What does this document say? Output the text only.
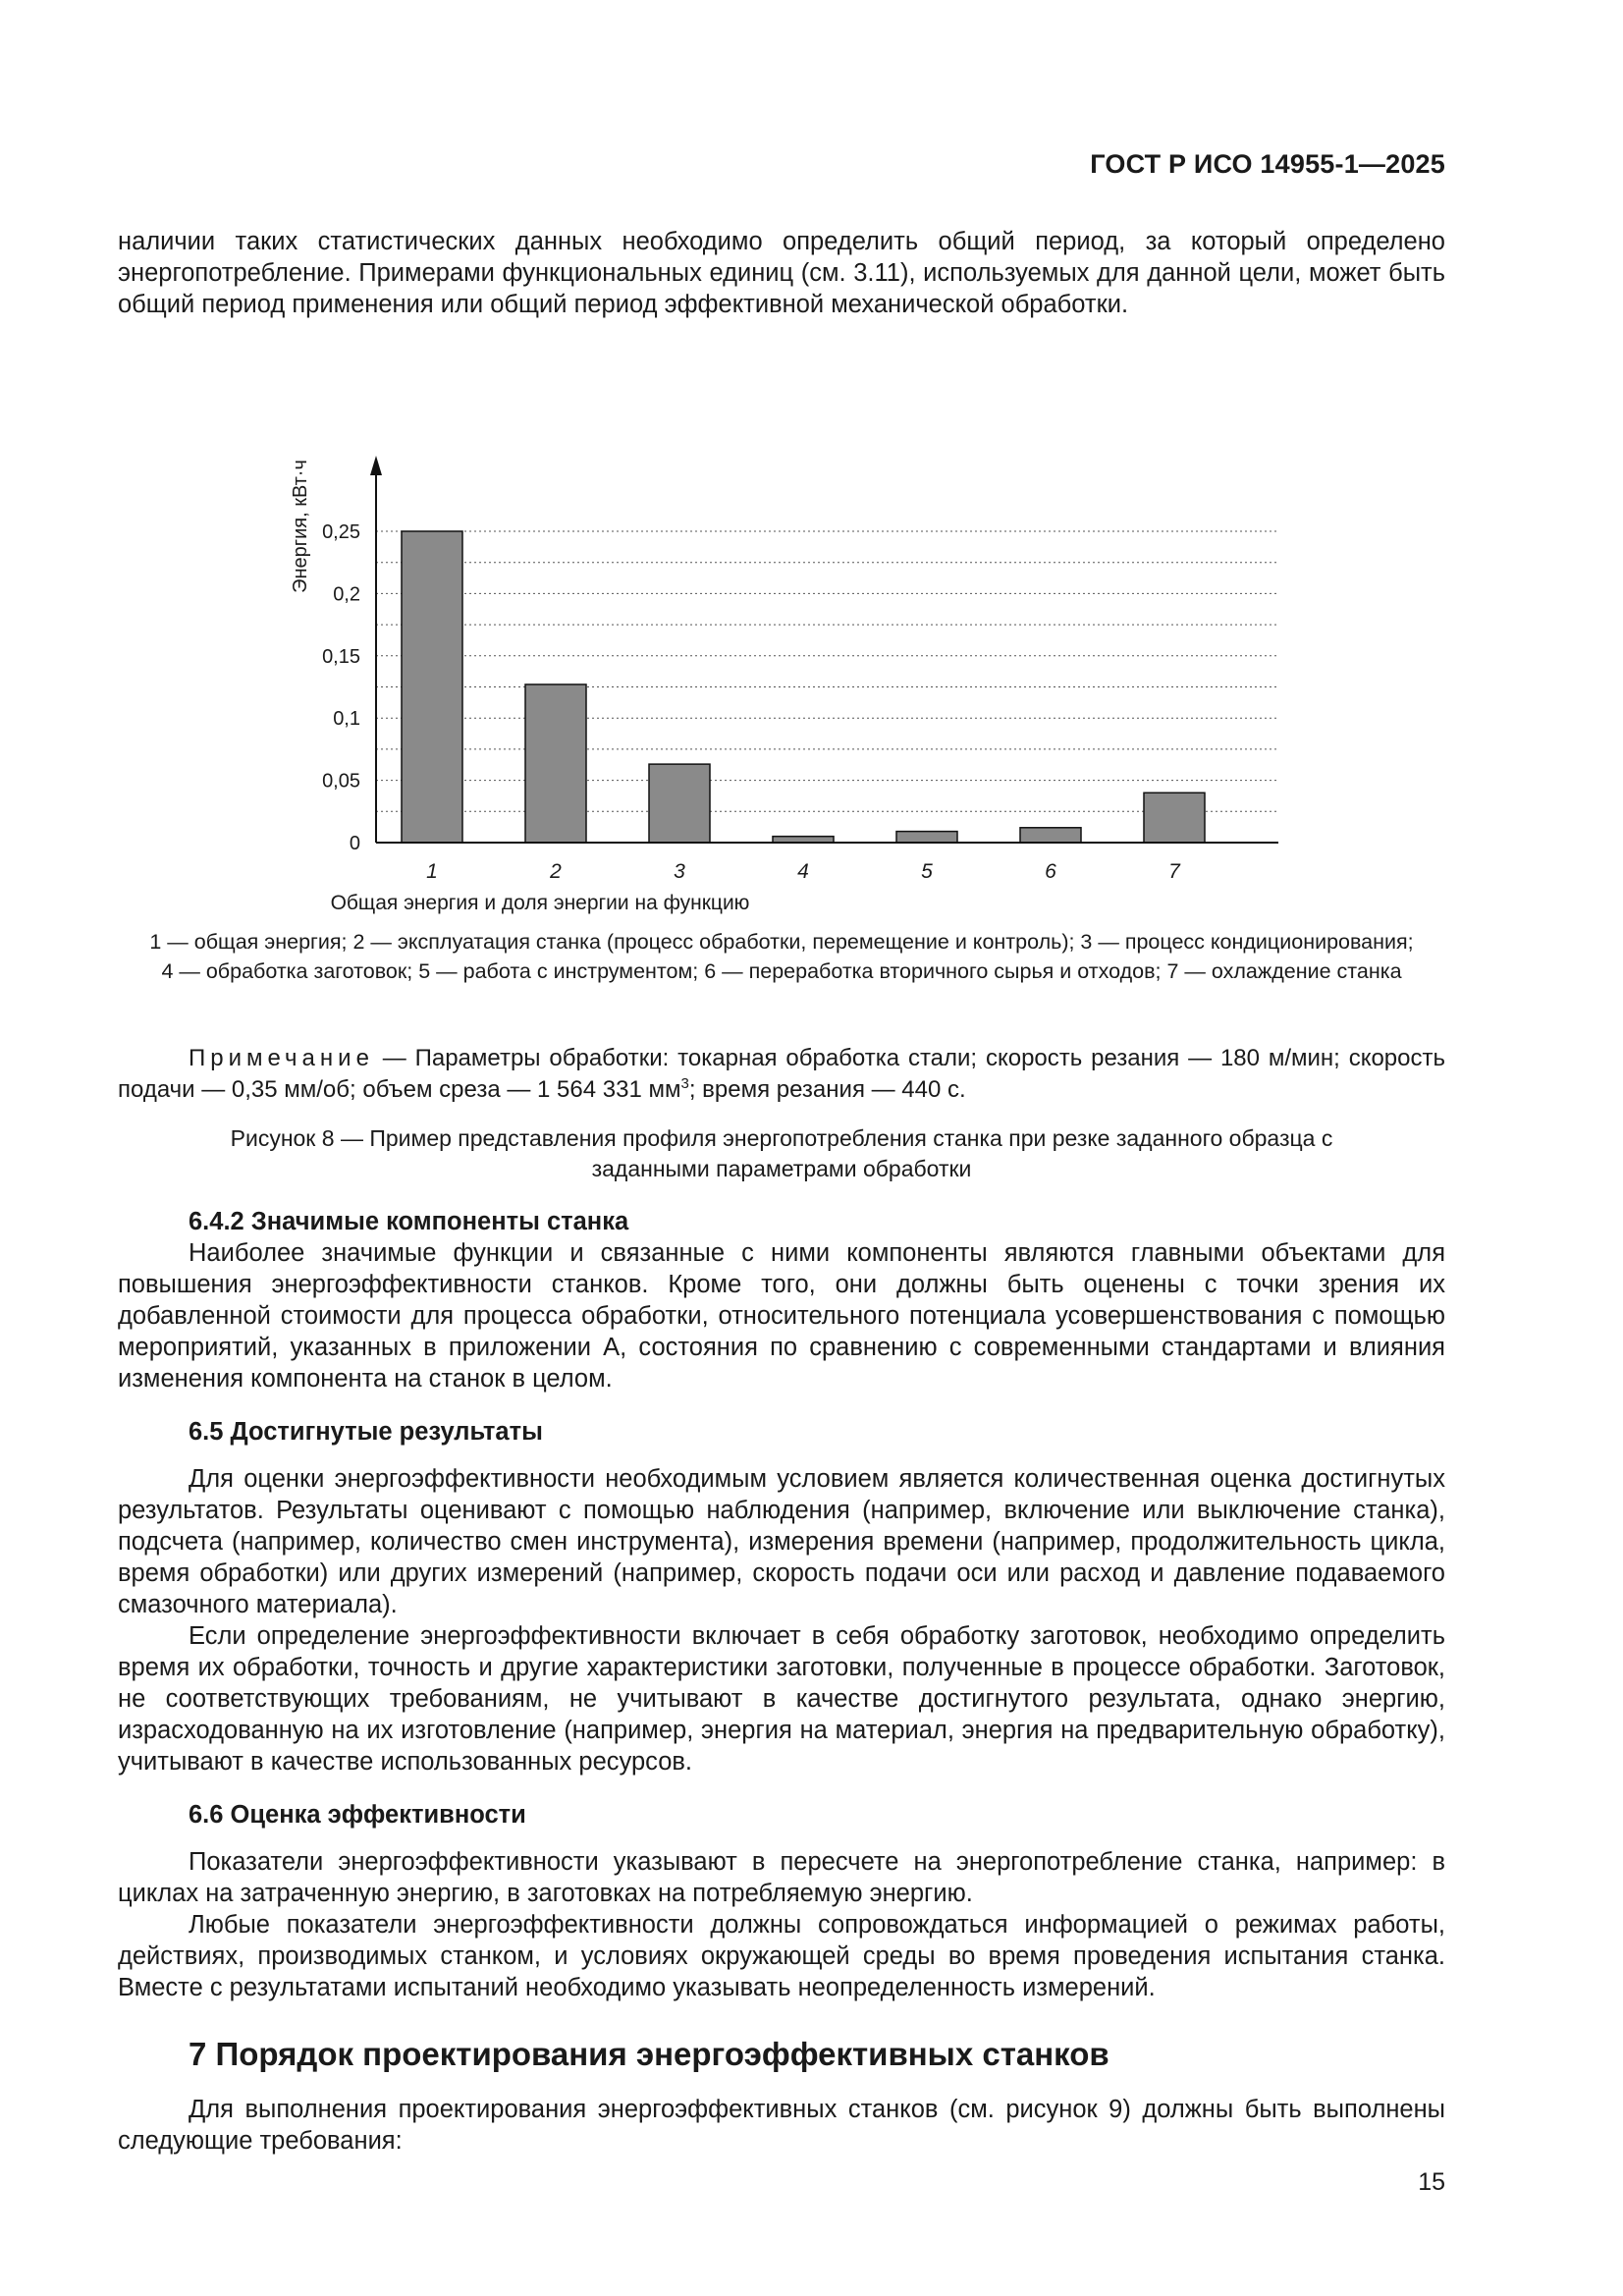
ГОСТ Р ИСО 14955-1—2025

наличии таких статистических данных необходимо определить общий период, за который определено энергопотребление. Примерами функциональных единиц (см. 3.11), используемых для данной цели, может быть общий период применения или общий период эффективной механической обработки.

0
0,05
0,1
0,15
0,2
0,25
1	2	3	4	5	6	7
Энергия, кВт·ч
Общая энергия и доля энергии на функцию
1 — общая энергия; 2 — эксплуатация станка (процесс обработки, перемещение и контроль); 3 — процесс кондиционирования;
4 — обработка заготовок; 5 — работа с инструментом; 6 — переработка вторичного сырья и отходов; 7 — охлаждение станка

Примечание — Параметры обработки: токарная обработка стали; скорость резания — 180 м/мин; скорость подачи — 0,35 мм/об; объем среза — 1 564 331 $мм^3$; время резания — 440 с.

Рисунок 8 — Пример представления профиля энергопотребления станка при резке заданного образца с заданными параметрами обработки

6.4.2 Значимые компоненты станка

Наиболее значимые функции и связанные с ними компоненты являются главными объектами для повышения энергоэффективности станков. Кроме того, они должны быть оценены с точки зрения их добавленной стоимости для процесса обработки, относительного потенциала усовершенствования с помощью мероприятий, указанных в приложении А, состояния по сравнению с современными стандартами и влияния изменения компонента на станок в целом.

6.5 Достигнутые результаты

Для оценки энергоэффективности необходимым условием является количественная оценка достигнутых результатов. Результаты оценивают с помощью наблюдения (например, включение или выключение станка), подсчета (например, количество смен инструмента), измерения времени (например, продолжительность цикла, время обработки) или других измерений (например, скорость подачи оси или расход и давление подаваемого смазочного материала).

Если определение энергоэффективности включает в себя обработку заготовок, необходимо определить время их обработки, точность и другие характеристики заготовки, полученные в процессе обработки. Заготовок, не соответствующих требованиям, не учитывают в качестве достигнутого результата, однако энергию, израсходованную на их изготовление (например, энергия на материал, энергия на предварительную обработку), учитывают в качестве использованных ресурсов.

6.6 Оценка эффективности

Показатели энергоэффективности указывают в пересчете на энергопотребление станка, например: в циклах на затраченную энергию, в заготовках на потребляемую энергию.

Любые показатели энергоэффективности должны сопровождаться информацией о режимах работы, действиях, производимых станком, и условиях окружающей среды во время проведения испытания станка. Вместе с результатами испытаний необходимо указывать неопределенность измерений.

7 Порядок проектирования энергоэффективных станков

Для выполнения проектирования энергоэффективных станков (см. рисунок 9) должны быть выполнены следующие требования:

15
